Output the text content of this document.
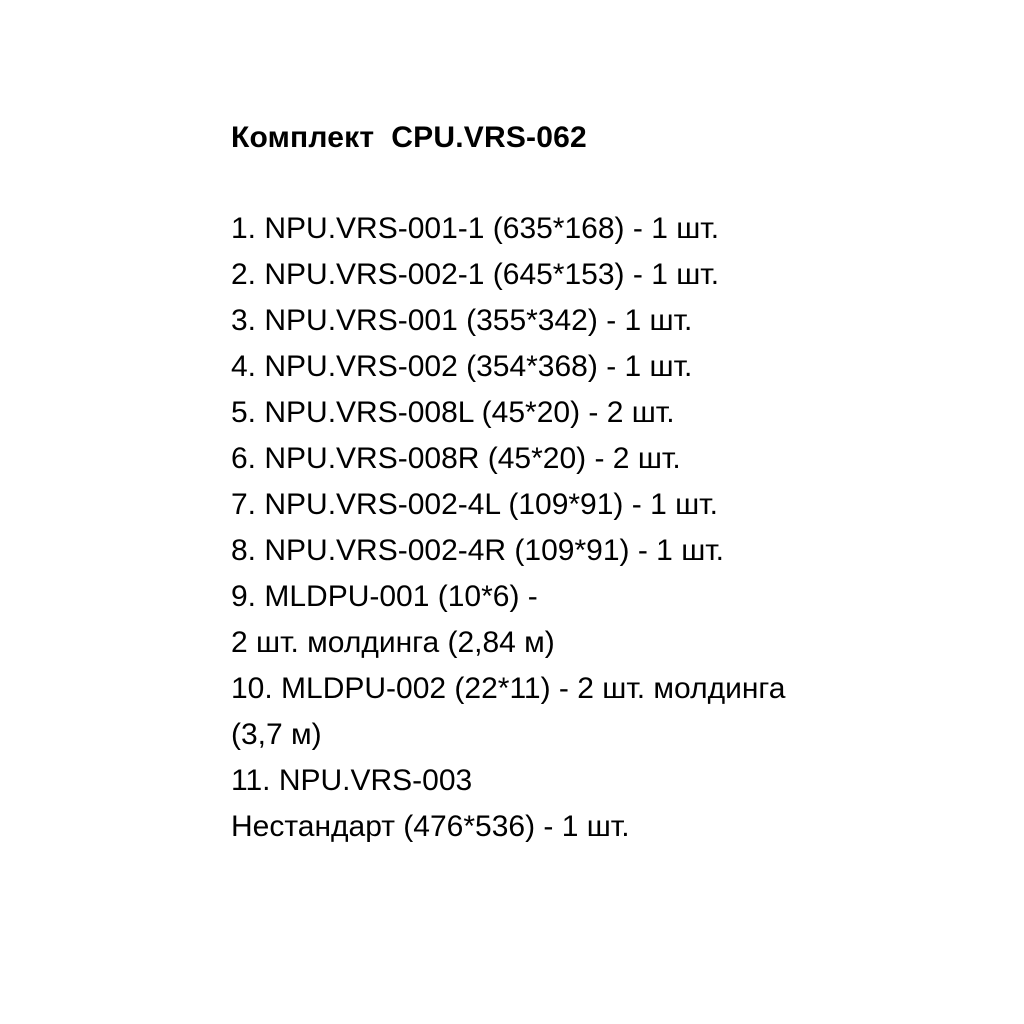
Комплект  CPU.VRS-062
1. NPU.VRS-001-1 (635*168) - 1 шт.
2. NPU.VRS-002-1 (645*153) - 1 шт.
3. NPU.VRS-001 (355*342) - 1 шт.
4. NPU.VRS-002 (354*368) - 1 шт.
5. NPU.VRS-008L (45*20) - 2 шт.
6. NPU.VRS-008R (45*20) - 2 шт.
7. NPU.VRS-002-4L (109*91) - 1 шт.
8. NPU.VRS-002-4R (109*91) - 1 шт.
9. MLDPU-001 (10*6) -
2 шт. молдинга (2,84 м)
10. MLDPU-002 (22*11) - 2 шт. молдинга
(3,7 м)
11. NPU.VRS-003
Нестандарт (476*536) - 1 шт.
